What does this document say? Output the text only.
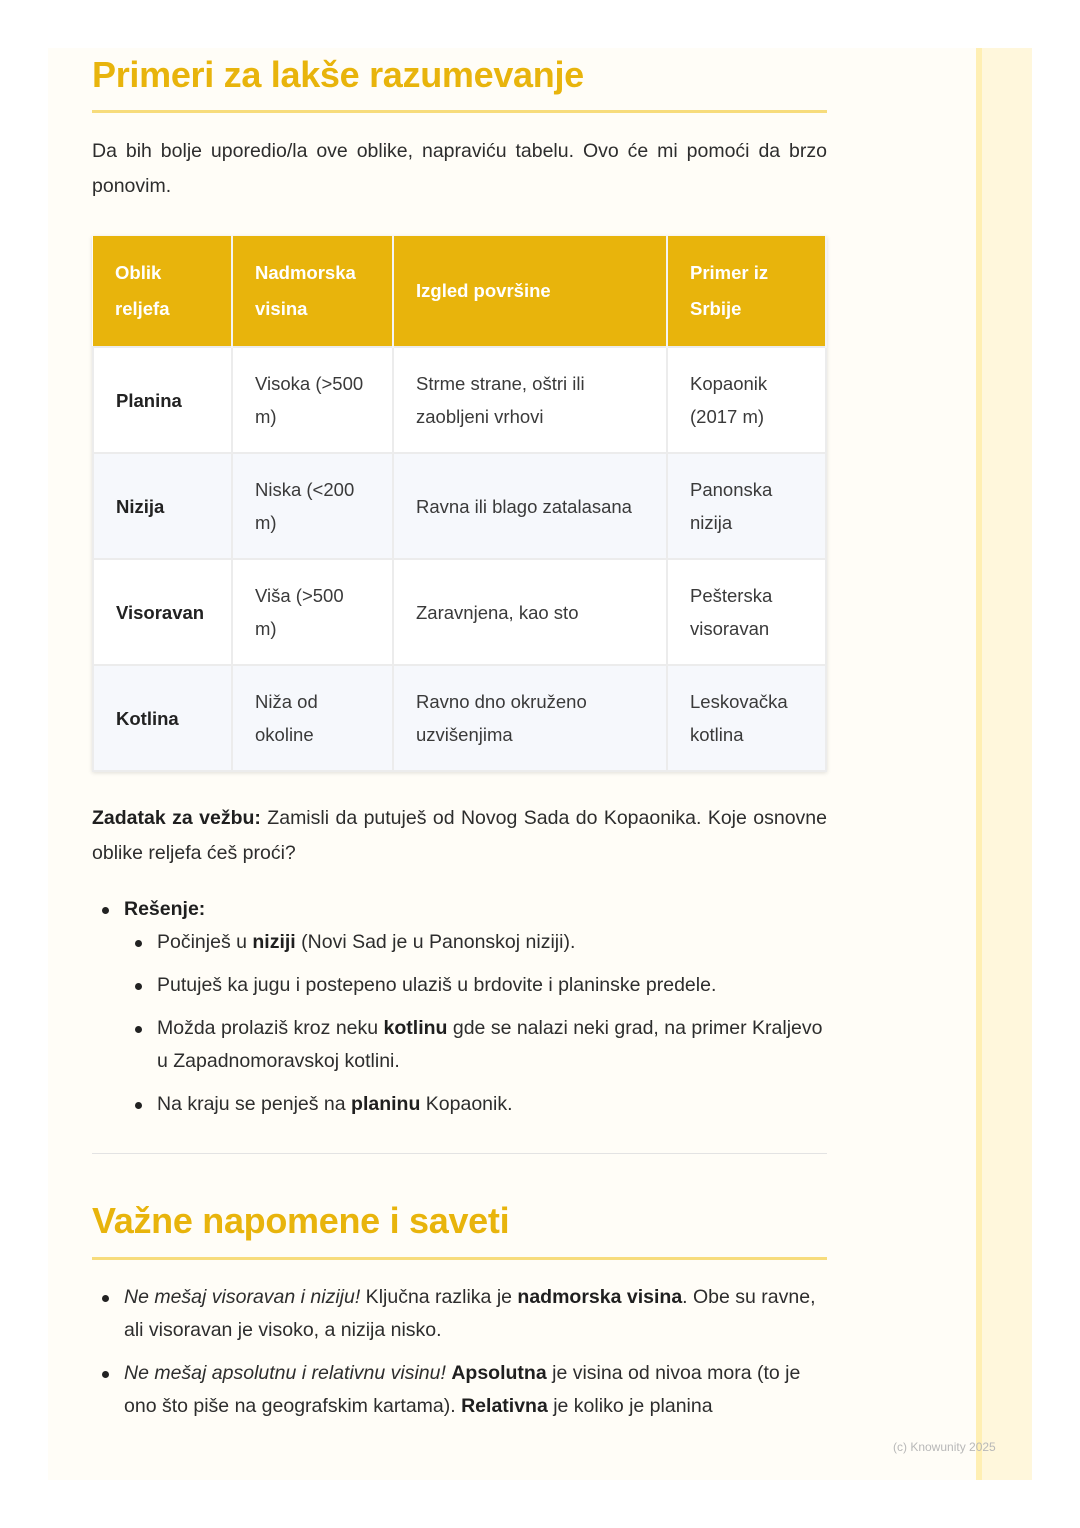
Primeri za lakše razumevanje

Da bih bolje uporedio/la ove oblike, napraviću tabelu. Ovo će mi pomoći da brzo ponovim.

Oblik reljefa	Nadmorska visina	Izgled površine	Primer iz Srbije
Planina	Visoka (>500 m)	Strme strane, oštri ili zaobljeni vrhovi	Kopaonik (2017 m)
Nizija	Niska (<200 m)	Ravna ili blago zatalasana	Panonska nizija
Visoravan	Viša (>500 m)	Zaravnjena, kao sto	Pešterska visoravan
Kotlina	Niža od okoline	Ravno dno okruženo uzvišenjima	Leskovačka kotlina

Zadatak za vežbu: Zamisli da putuješ od Novog Sada do Kopaonika. Koje osnovne oblike reljefa ćeš proći?

Rešenje:
Počinješ u niziji (Novi Sad je u Panonskoj niziji).
Putuješ ka jugu i postepeno ulaziš u brdovite i planinske predele.
Možda prolaziš kroz neku kotlinu gde se nalazi neki grad, na primer Kraljevo u Zapadnomoravskoj kotlini.
Na kraju se penješ na planinu Kopaonik.
Važne napomene i saveti
Ne mešaj visoravan i niziju! Ključna razlika je nadmorska visina. Obe su ravne, ali visoravan je visoko, a nizija nisko.
Ne mešaj apsolutnu i relativnu visinu! Apsolutna je visina od nivoa mora (to je ono što piše na geografskim kartama). Relativna je koliko je planina
(c) Knowunity 2025
